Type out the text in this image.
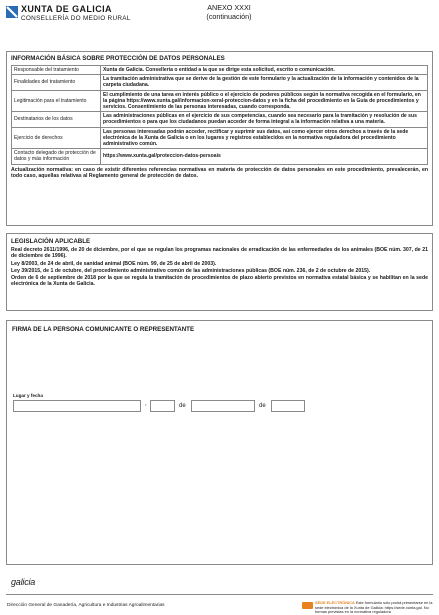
XUNTA DE GALICIA
CONSELLERÍA DO MEDIO RURAL
ANEXO XXXI
(continuación)
INFORMACIÓN BÁSICA SOBRE PROTECCIÓN DE DATOS PERSONALES
Responsable del tratamiento	Xunta de Galicia. Consellería o entidad a la que se dirige esta solicitud, escrito o comunicación.
Finalidades del tratamiento	La tramitación administrativa que se derive de la gestión de este formulario y la actualización de la información y contenidos de la carpeta ciudadana.
Legitimación para el tratamiento	El cumplimiento de una tarea en interés público o el ejercicio de poderes públicos según la normativa recogida en el formulario, en la página https://www.xunta.gal/informacion-xeral-proteccion-datos y en la ficha del procedimiento en la Guía de procedimientos y servicios. Consentimiento de las personas interesadas, cuando corresponda.
Destinatarios de los datos	Las administraciones públicas en el ejercicio de sus competencias, cuando sea necesario para la tramitación y resolución de sus procedimientos o para que los ciudadanos puedan acceder de forma integral a la información relativa a una materia.
Ejercicio de derechos	Las personas interesadas podrán acceder, rectificar y suprimir sus datos, así como ejercer otros derechos a través de la sede electrónica de la Xunta de Galicia o en los lugares y registros establecidos en la normativa reguladora del procedimiento administrativo común.
Contacto delegado de protección de datos y más información	https://www.xunta.gal/proteccion-datos-persoais
Actualización normativa: en caso de existir diferentes referencias normativas en materia de protección de datos personales en este procedimiento, prevalecerán, en todo caso, aquellas relativas al Reglamento general de protección de datos.
LEGISLACIÓN APLICABLE
Real decreto 2611/1996, de 20 de diciembre, por el que se regulan los programas nacionales de erradicación de las enfermedades de los animales (BOE núm. 307, de 21 de diciembre de 1996).
Ley 8/2003, de 24 de abril, de sanidad animal (BOE núm. 99, de 25 de abril de 2003).
Ley 39/2015, de 1 de octubre, del procedimiento administrativo común de las administraciones públicas (BOE núm. 236, de 2 de octubre de 2015).
Orden de 6 de septiembre de 2018 por la que se regula la tramitación de procedimientos de plazo abierto previstos en normativa estatal básica y se habilitan en la sede electrónica de la Xunta de Galicia.
FIRMA DE LA PERSONA COMUNICANTE O REPRESENTANTE
Lugar y fecha
,	de	de
galicia
Dirección General de Ganadería, Agricultura e Industrias Agroalimentarias
SEDE ELECTRÓNICA Este formulario sólo podrá presentarse en la sede electrónica de la Xunta de Galicia: https://sede.xunta.gal. No formas previstas en la normativa reguladora
